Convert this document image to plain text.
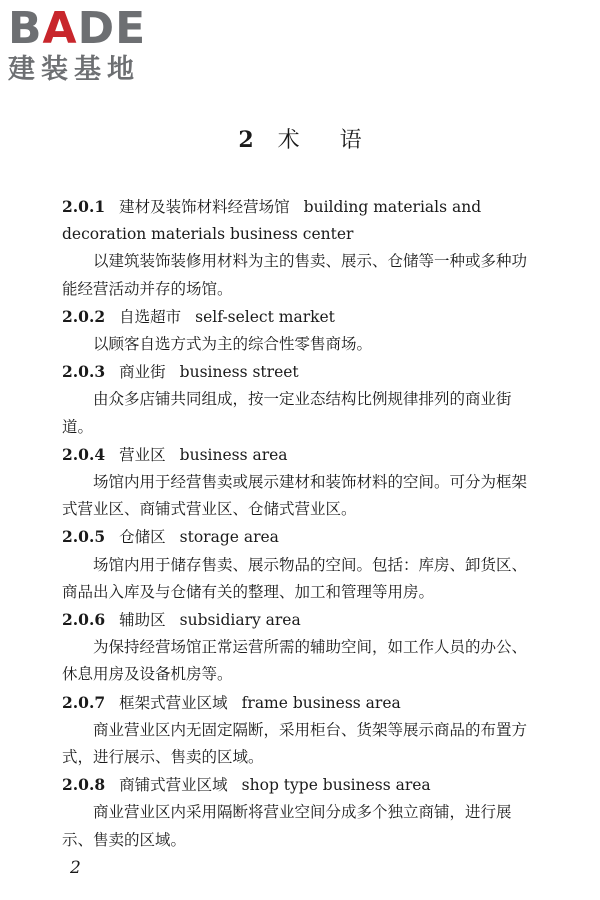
BADE
建装基地
2 术 语
2.0.1 建材及装饰材料经营场馆 building materials and decoration materials business center
以建筑装饰装修用材料为主的售卖、展示、仓储等一种或多种功能经营活动并存的场馆。
2.0.2 自选超市 self-select market
以顾客自选方式为主的综合性零售商场。
2.0.3 商业街 business street
由众多店铺共同组成，按一定业态结构比例规律排列的商业街道。
2.0.4 营业区 business area
场馆内用于经营售卖或展示建材和装饰材料的空间。可分为框架式营业区、商铺式营业区、仓储式营业区。
2.0.5 仓储区 storage area
场馆内用于储存售卖、展示物品的空间。包括：库房、卸货区、商品出入库及与仓储有关的整理、加工和管理等用房。
2.0.6 辅助区 subsidiary area
为保持经营场馆正常运营所需的辅助空间，如工作人员的办公、休息用房及设备机房等。
2.0.7 框架式营业区域 frame business area
商业营业区内无固定隔断，采用柜台、货架等展示商品的布置方式，进行展示、售卖的区域。
2.0.8 商铺式营业区域 shop type business area
商业营业区内采用隔断将营业空间分成多个独立商铺，进行展示、售卖的区域。
2
